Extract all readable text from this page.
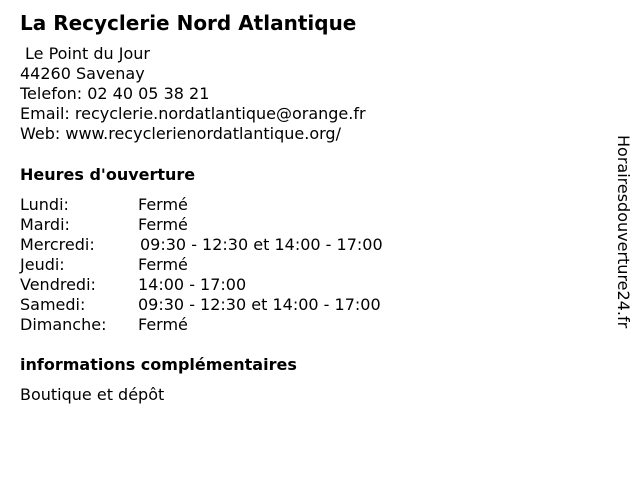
La Recyclerie Nord Atlantique
Le Point du Jour
44260 Savenay
Telefon: 02 40 05 38 21
Email: recyclerie.nordatlantique@orange.fr
Web: www.recyclerienordatlantique.org/
Heures d'ouverture
Lundi:	Fermé
Mardi:	Fermé
Mercredi:	09:30 - 12:30 et 14:00 - 17:00
Jeudi:	Fermé
Vendredi:	14:00 - 17:00
Samedi:	09:30 - 12:30 et 14:00 - 17:00
Dimanche: Fermé
informations complémentaires
Boutique et dépôt
Horairesdouverture24.fr
